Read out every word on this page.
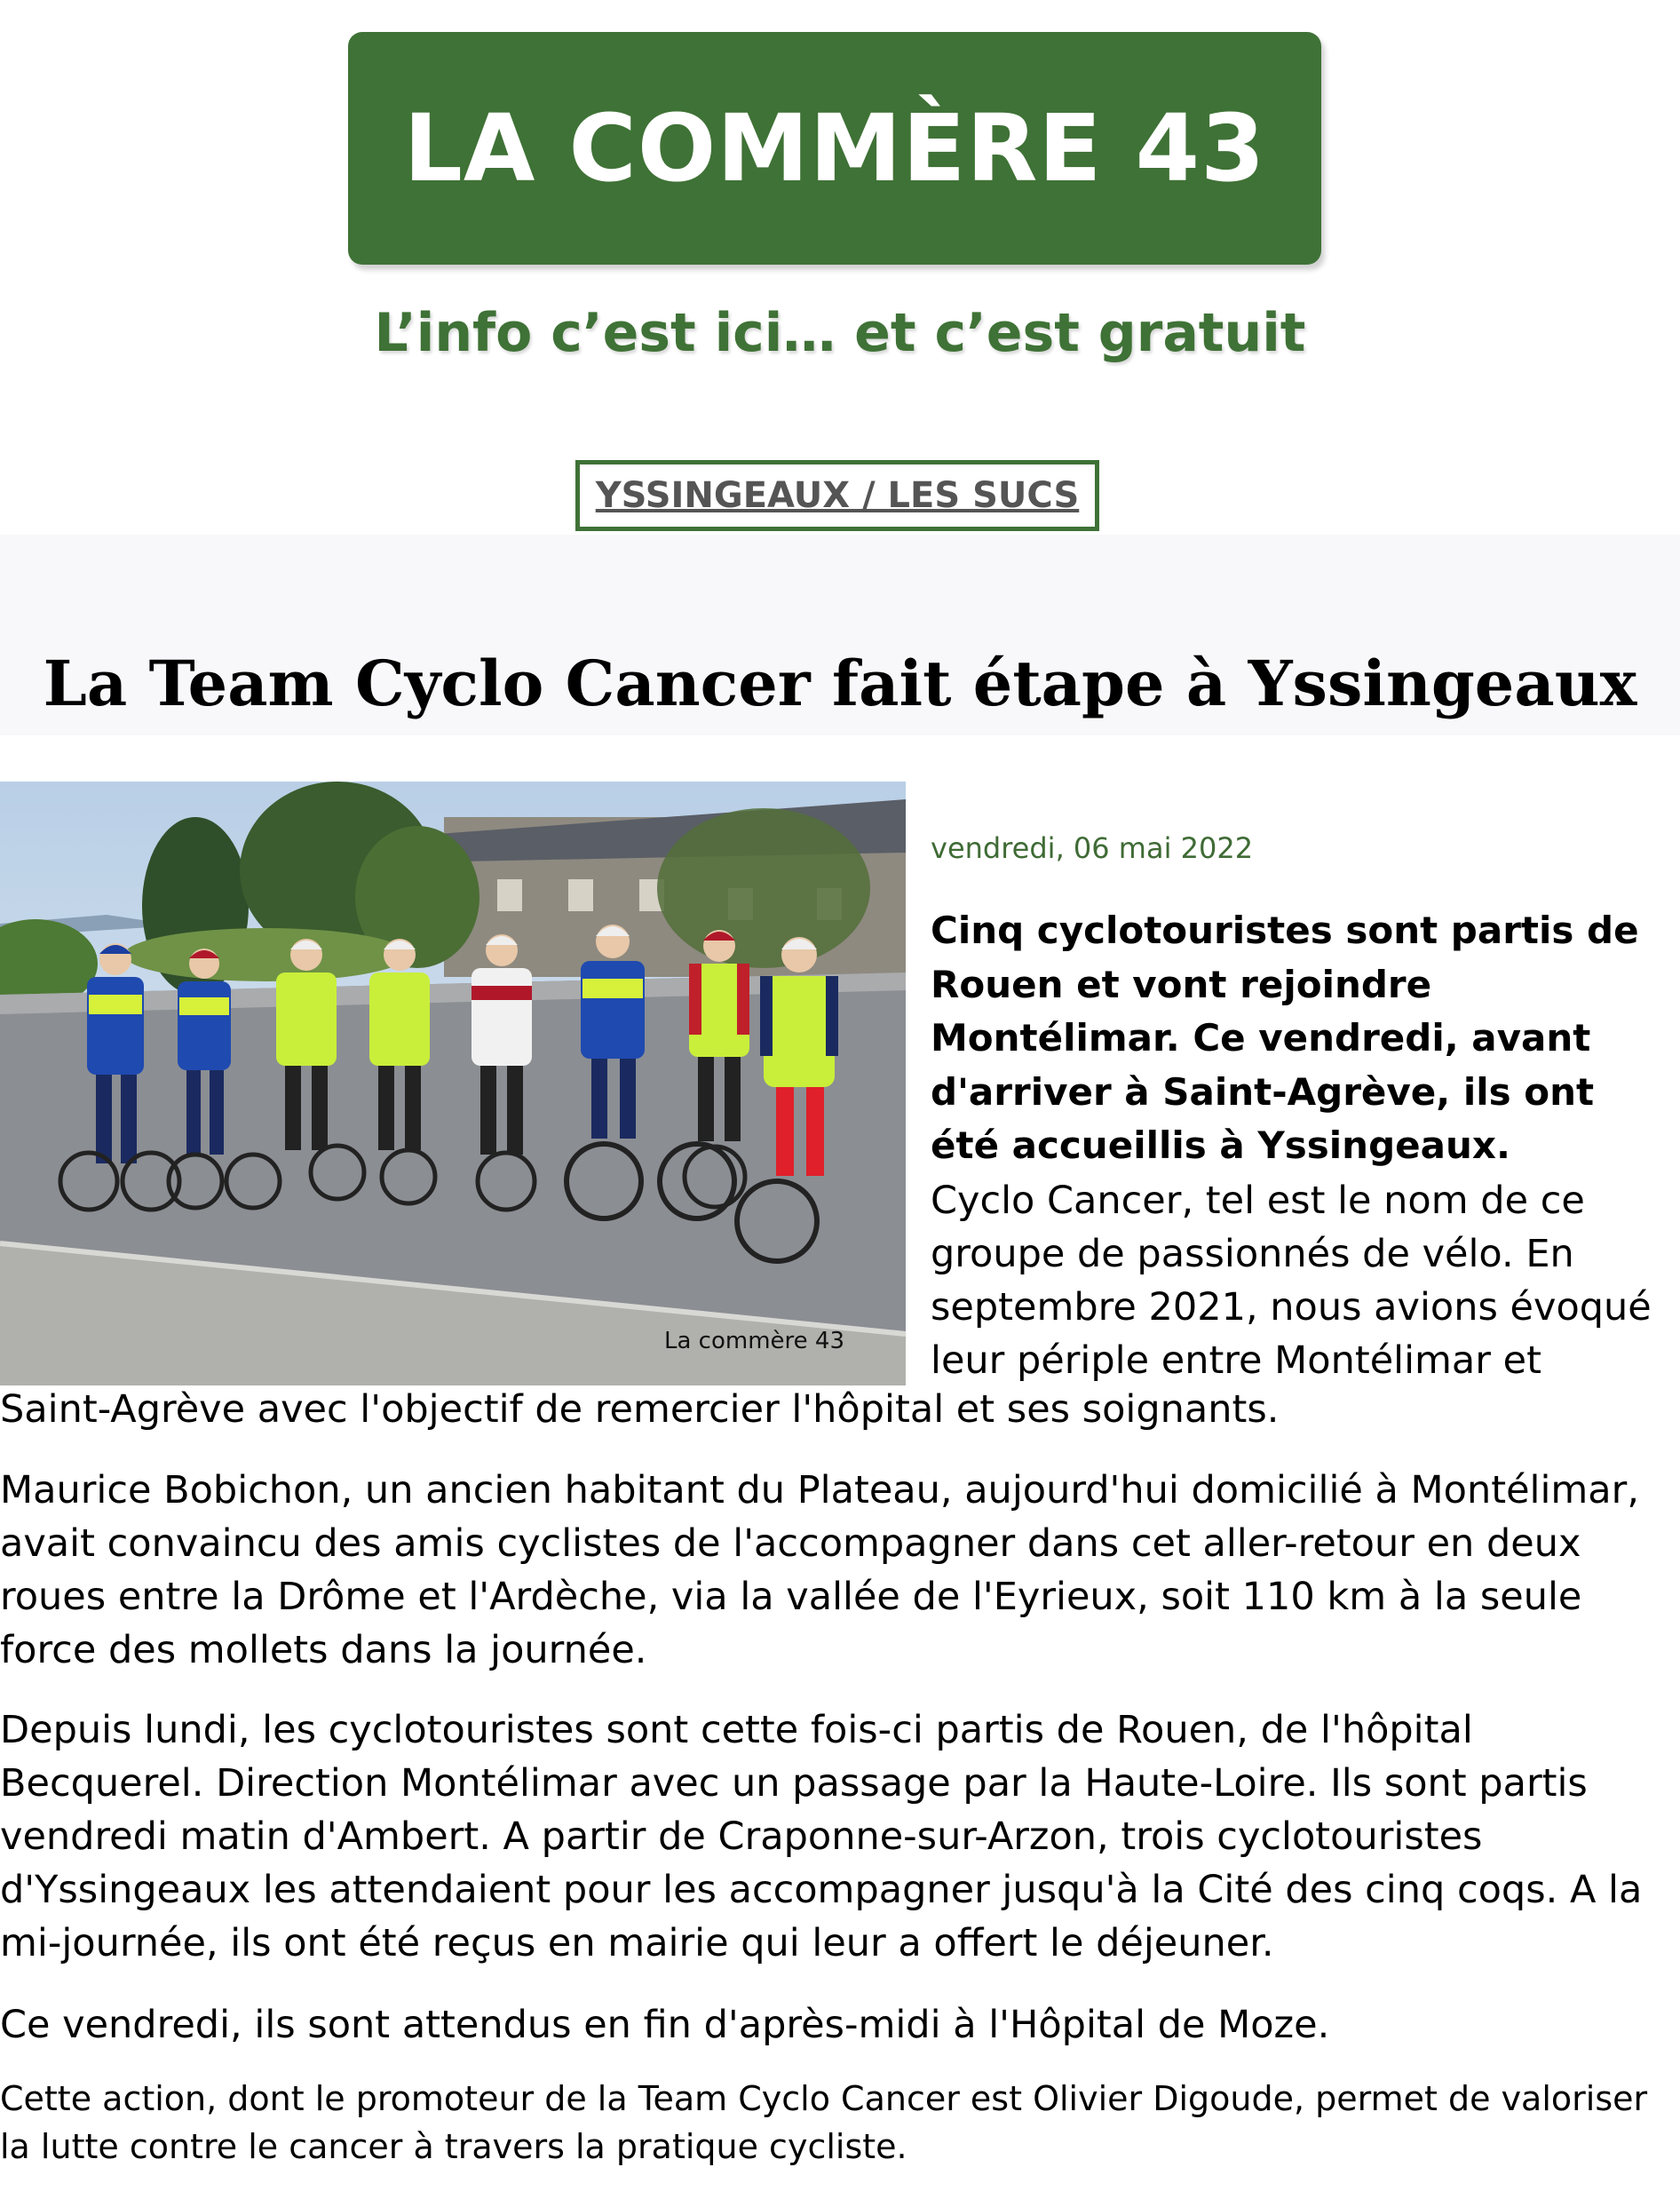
LA COMMÈRE 43
L’info c’est ici… et c’est gratuit
YSSINGEAUX / LES SUCS
La Team Cyclo Cancer fait étape à Yssingeaux
La commère 43
vendredi, 06 mai 2022

Cinq cyclotouristes sont partis de
Rouen et vont rejoindre
Montélimar. Ce vendredi, avant
d'arriver à Saint-Agrève, ils ont
été accueillis à Yssingeaux.

Cyclo Cancer, tel est le nom de ce
groupe de passionnés de vélo. En
septembre 2021, nous avions évoqué
leur périple entre Montélimar et

Saint-Agrève avec l'objectif de remercier l'hôpital et ses soignants.

Maurice Bobichon, un ancien habitant du Plateau, aujourd'hui domicilié à Montélimar,
avait convaincu des amis cyclistes de l'accompagner dans cet aller-retour en deux
roues entre la Drôme et l'Ardèche, via la vallée de l'Eyrieux, soit 110 km à la seule
force des mollets dans la journée.

Depuis lundi, les cyclotouristes sont cette fois-ci partis de Rouen, de l'hôpital
Becquerel. Direction Montélimar avec un passage par la Haute-Loire. Ils sont partis
vendredi matin d'Ambert. A partir de Craponne-sur-Arzon, trois cyclotouristes
d'Yssingeaux les attendaient pour les accompagner jusqu'à la Cité des cinq coqs. A la
mi-journée, ils ont été reçus en mairie qui leur a offert le déjeuner.

Ce vendredi, ils sont attendus en fin d'après-midi à l'Hôpital de Moze.

Cette action, dont le promoteur de la Team Cyclo Cancer est Olivier Digoude, permet de valoriser
la lutte contre le cancer à travers la pratique cycliste.
